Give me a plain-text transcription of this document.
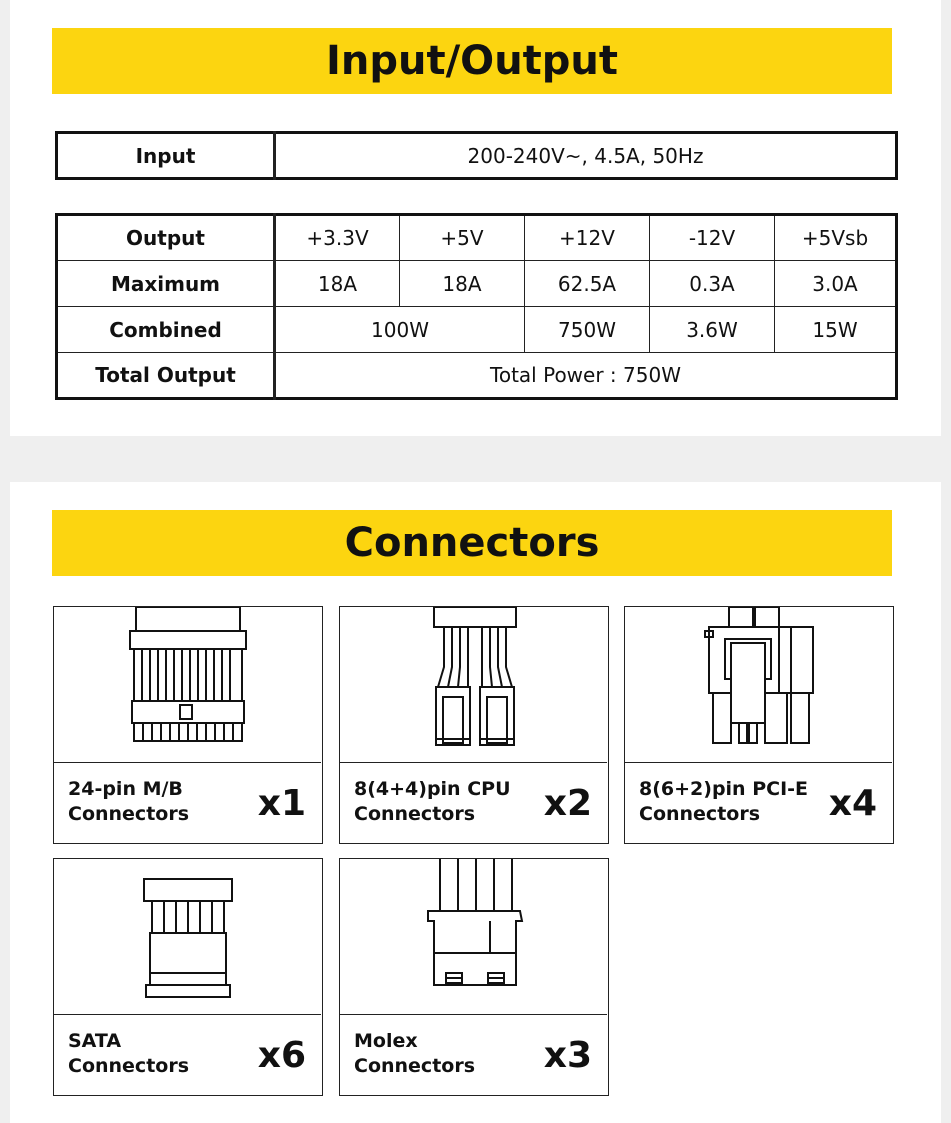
Input/Output
Input	200-240V~, 4.5A, 50Hz
Output	+3.3V	+5V	+12V	-12V	+5Vsb
Maximum	18A	18A	62.5A	0.3A	3.0A
Combined	100W		750W	3.6W	15W
Total Output	Total Power : 750W				
Connectors
24-pin M/B
Connectors	x1	8(4+4)pin CPU
Connectors	x2 8(6+2)pin PCI-E
Connectors	x4
SATA
Connectors	x6	Molex
Connectors	x3
